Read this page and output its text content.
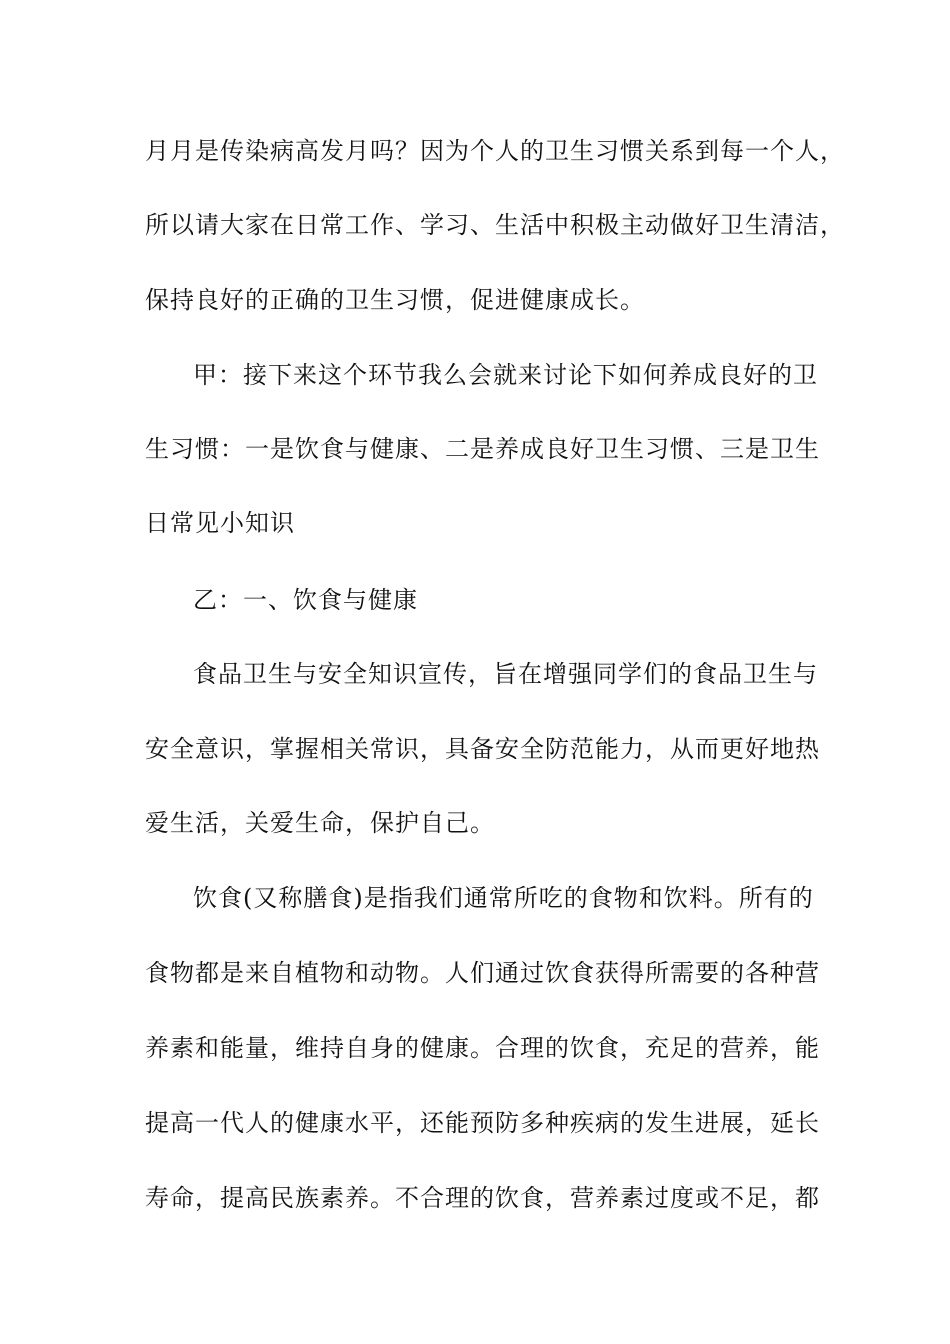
月月是传染病高发月吗？因为个人的卫生习惯关系到每一个人，
所以请大家在日常工作、学习、生活中积极主动做好卫生清洁，
保持良好的正确的卫生习惯，促进健康成长。
甲：接下来这个环节我么会就来讨论下如何养成良好的卫
生习惯：一是饮食与健康、二是养成良好卫生习惯、三是卫生
日常见小知识
乙：一、饮食与健康
食品卫生与安全知识宣传，旨在增强同学们的食品卫生与
安全意识，掌握相关常识，具备安全防范能力，从而更好地热
爱生活，关爱生命，保护自己。
饮食(又称膳食)是指我们通常所吃的食物和饮料。所有的
食物都是来自植物和动物。人们通过饮食获得所需要的各种营
养素和能量，维持自身的健康。合理的饮食，充足的营养，能
提高一代人的健康水平，还能预防多种疾病的发生进展，延长
寿命，提高民族素养。不合理的饮食，营养素过度或不足，都
